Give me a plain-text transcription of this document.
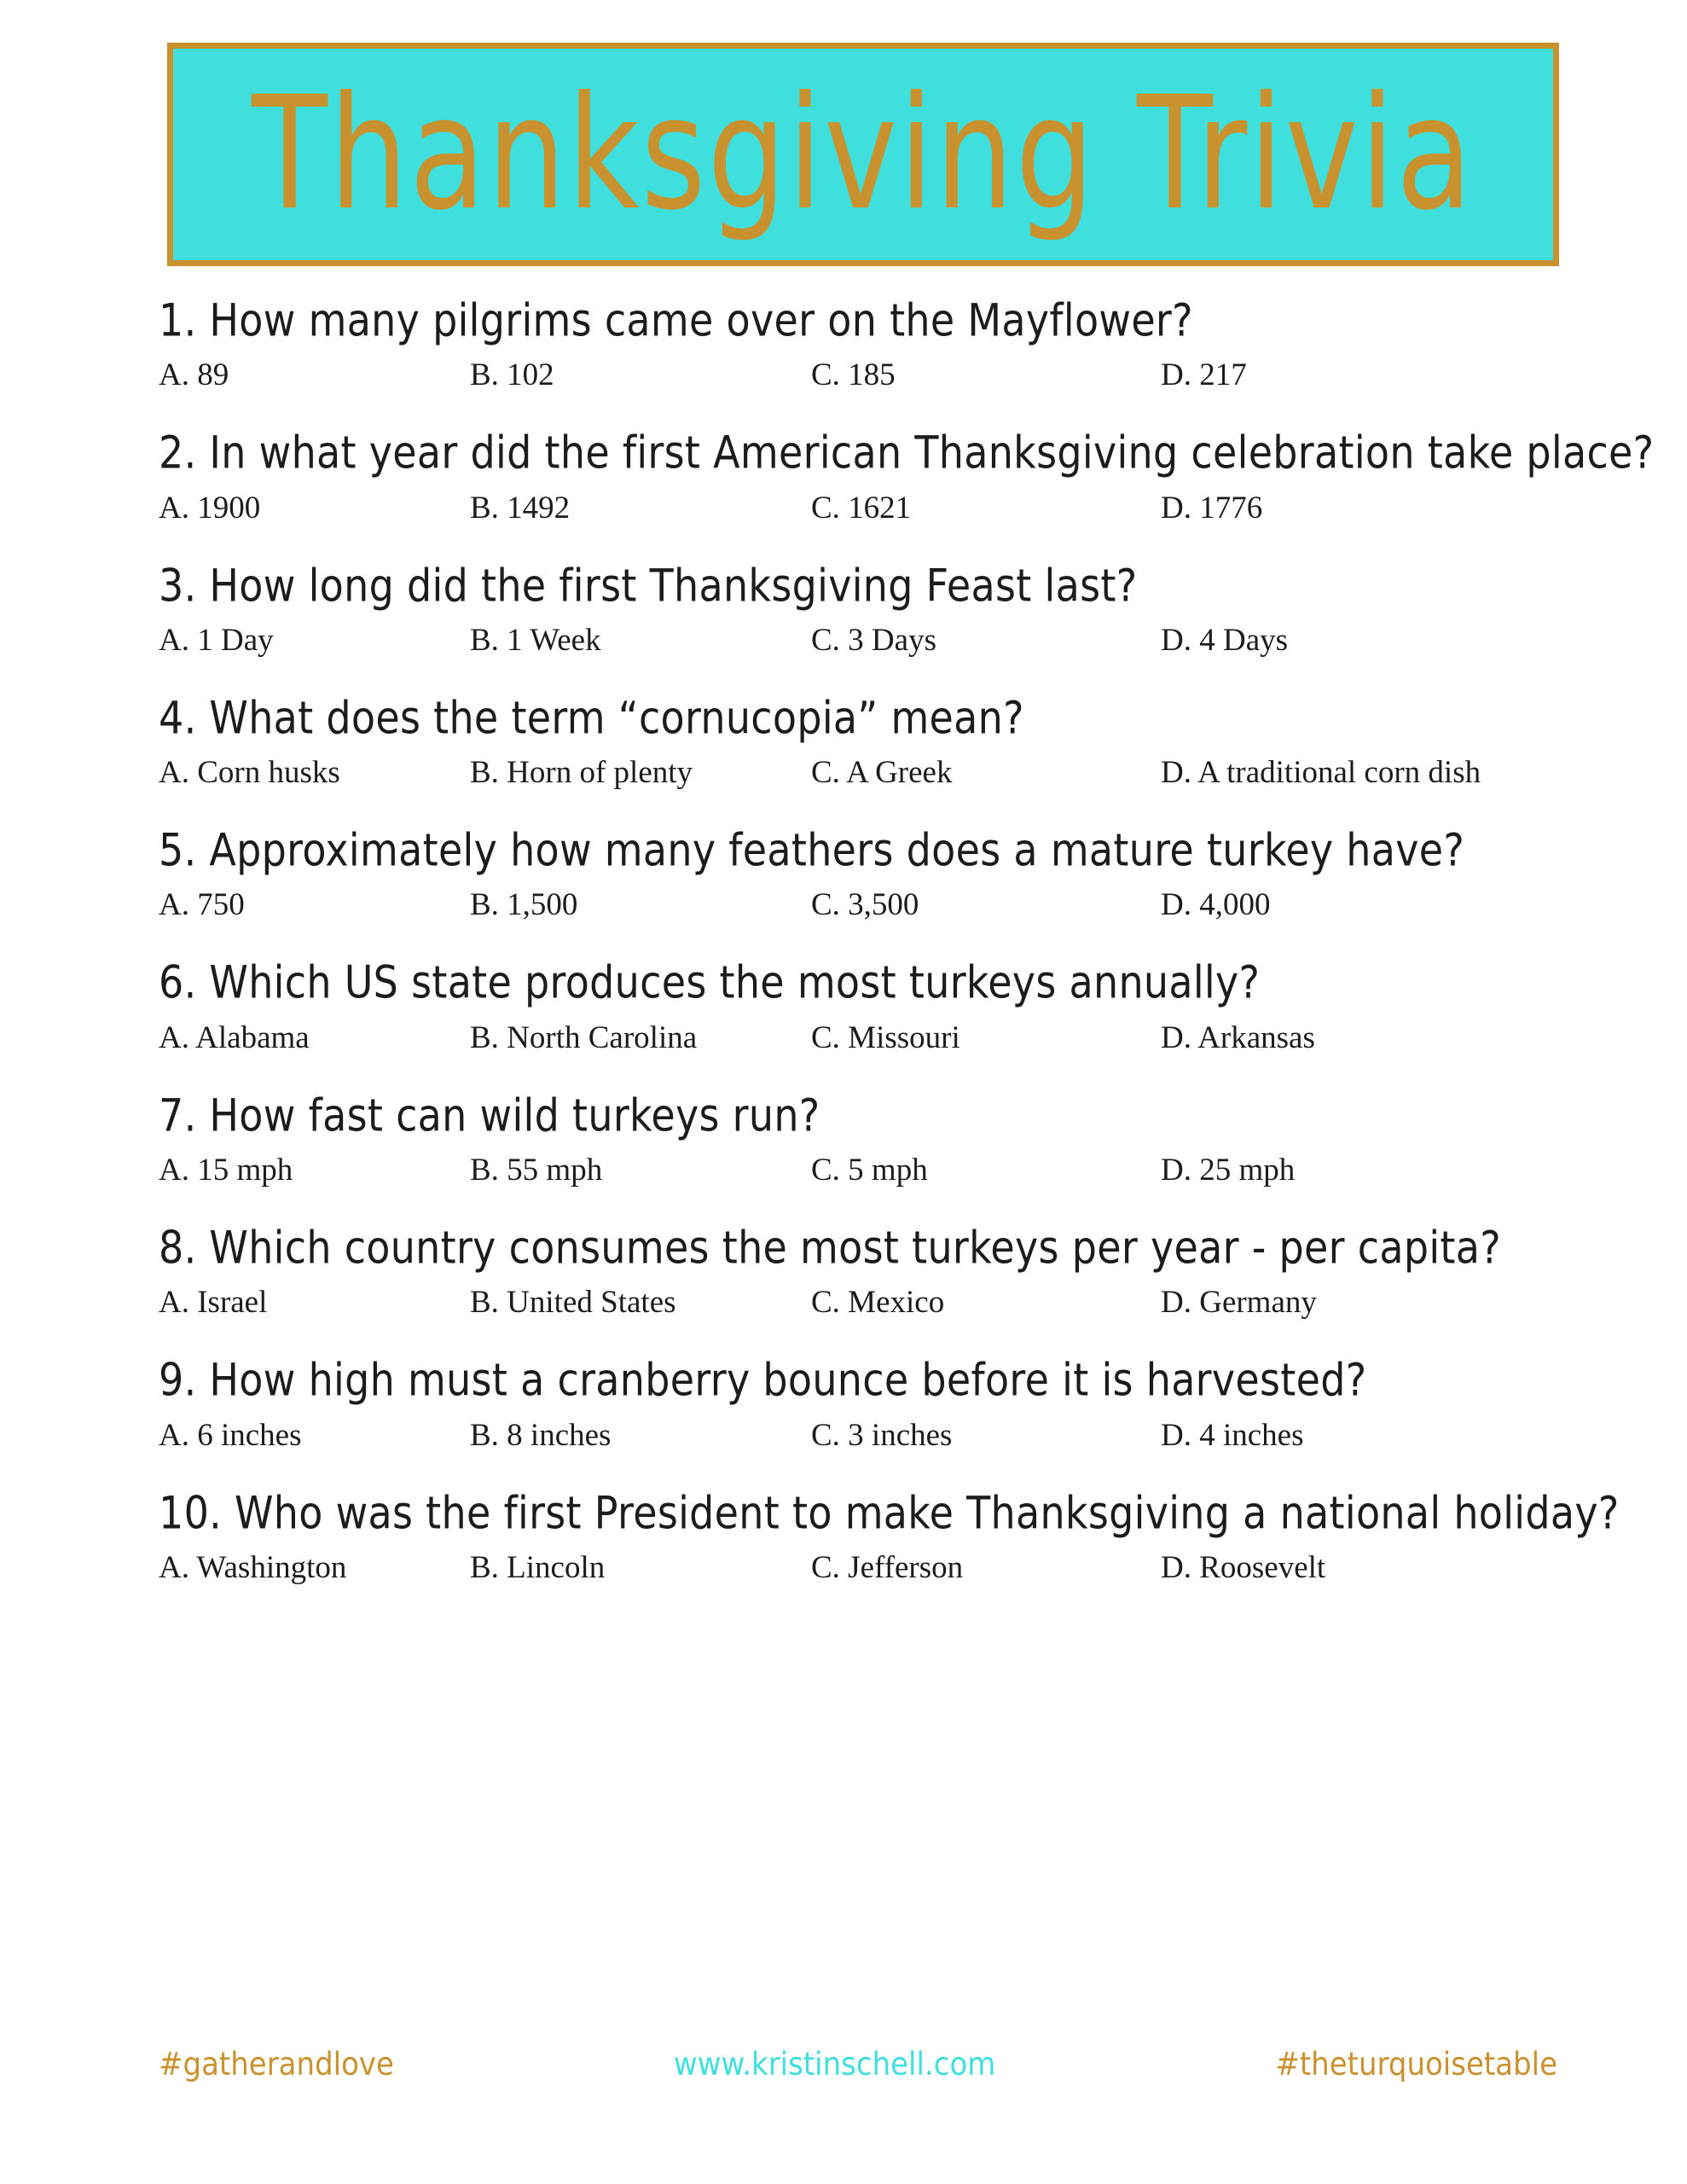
Thanksgiving Trivia
1. How many pilgrims came over on the Mayflower?
A. 89	B. 102	C. 185	D. 217
2. In what year did the first American Thanksgiving celebration take place?
A. 1900	B. 1492	C. 1621	D. 1776
3. How long did the first Thanksgiving Feast last?
A. 1 Day	B. 1 Week	C. 3 Days	D. 4 Days
4. What does the term “cornucopia” mean?
A. Corn husks	B. Horn of plenty	C. A Greek	D. A traditional corn dish
5. Approximately how many feathers does a mature turkey have?
A. 750	B. 1,500	C. 3,500	D. 4,000
6. Which US state produces the most turkeys annually?
A. Alabama	B. North Carolina	C. Missouri	D. Arkansas
7. How fast can wild turkeys run?
A. 15 mph	B. 55 mph	C. 5 mph	D. 25 mph
8. Which country consumes the most turkeys per year - per capita?
A. Israel	B. United States	C. Mexico	D. Germany
9. How high must a cranberry bounce before it is harvested?
A. 6 inches	B. 8 inches	C. 3 inches	D. 4 inches
10. Who was the first President to make Thanksgiving a national holiday?
A. Washington	B. Lincoln	C. Jefferson	D. Roosevelt
#gatherandlove	www.kristinschell.com	#theturquoisetable
